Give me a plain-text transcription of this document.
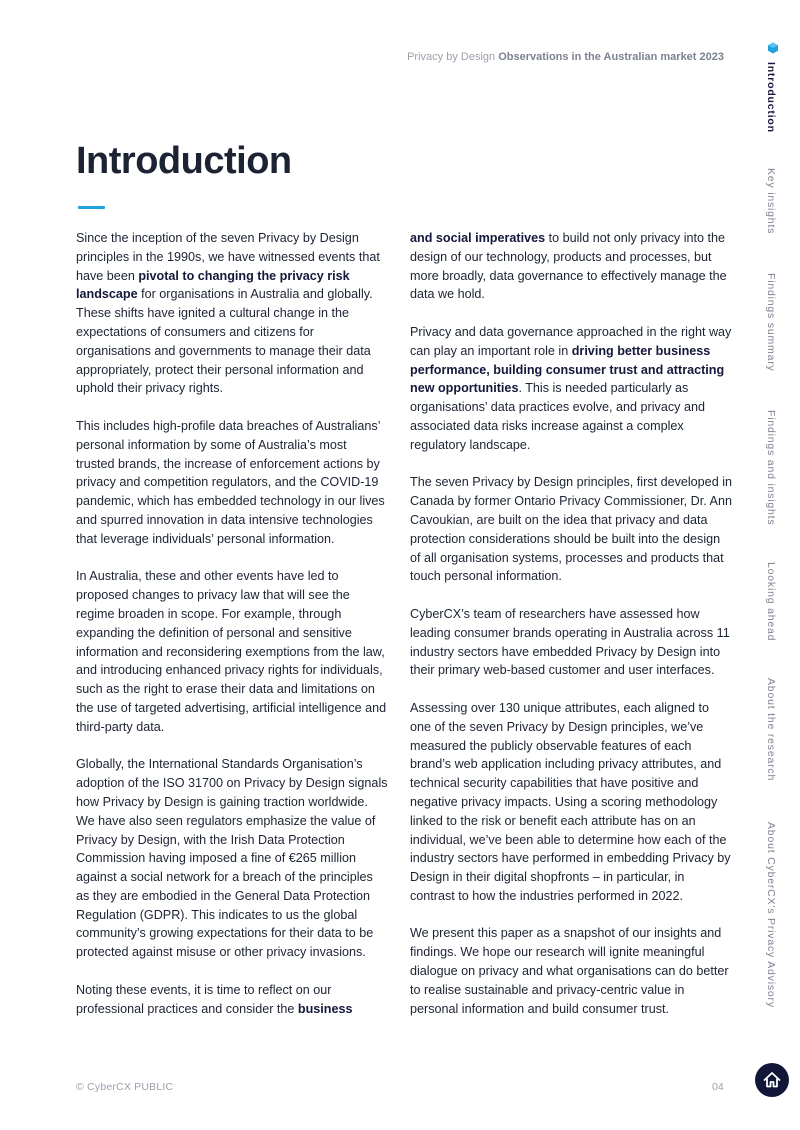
Privacy by Design Observations in the Australian market 2023
Introduction

Since the inception of the seven Privacy by Design principles in the 1990s, we have witnessed events that have been pivotal to changing the privacy risk landscape for organisations in Australia and globally. These shifts have ignited a cultural change in the expectations of consumers and citizens for organisations and governments to manage their data appropriately, protect their personal information and uphold their privacy rights.

This includes high-profile data breaches of Australians’ personal information by some of Australia’s most trusted brands, the increase of enforcement actions by privacy and competition regulators, and the COVID-19 pandemic, which has embedded technology in our lives and spurred innovation in data intensive technologies that leverage individuals’ personal information.

In Australia, these and other events have led to proposed changes to privacy law that will see the regime broaden in scope. For example, through expanding the definition of personal and sensitive information and reconsidering exemptions from the law, and introducing enhanced privacy rights for individuals, such as the right to erase their data and limitations on the use of targeted advertising, artificial intelligence and third-party data.

Globally, the International Standards Organisation’s adoption of the ISO 31700 on Privacy by Design signals how Privacy by Design is gaining traction worldwide. We have also seen regulators emphasize the value of Privacy by Design, with the Irish Data Protection Commission having imposed a fine of €265 million against a social network for a breach of the principles as they are embodied in the General Data Protection Regulation (GDPR). This indicates to us the global community’s growing expectations for their data to be protected against misuse or other privacy invasions.

Noting these events, it is time to reflect on our professional practices and consider the business

and social imperatives to build not only privacy into the design of our technology, products and processes, but more broadly, data governance to effectively manage the data we hold.

Privacy and data governance approached in the right way can play an important role in driving better business performance, building consumer trust and attracting new opportunities. This is needed particularly as organisations’ data practices evolve, and privacy and associated data risks increase against a complex regulatory landscape.

The seven Privacy by Design principles, first developed in Canada by former Ontario Privacy Commissioner, Dr. Ann Cavoukian, are built on the idea that privacy and data protection considerations should be built into the design of all organisation systems, processes and products that touch personal information.

CyberCX’s team of researchers have assessed how leading consumer brands operating in Australia across 11 industry sectors have embedded Privacy by Design into their primary web-based customer and user interfaces.

Assessing over 130 unique attributes, each aligned to one of the seven Privacy by Design principles, we’ve measured the publicly observable features of each brand’s web application including privacy attributes, and technical security capabilities that have positive and negative privacy impacts. Using a scoring methodology linked to the risk or benefit each attribute has on an individual, we’ve been able to determine how each of the industry sectors have performed in embedding Privacy by Design in their digital shopfronts – in particular, in contrast to how the industries performed in 2022.

We present this paper as a snapshot of our insights and findings. We hope our research will ignite meaningful dialogue on privacy and what organisations can do better to realise sustainable and privacy-centric value in personal information and build consumer trust.

© CyberCX PUBLIC	04
Introduction
Key insights
Findings summary
Findings and insights
Looking ahead
About the research
About CyberCX’s Privacy Advisory
